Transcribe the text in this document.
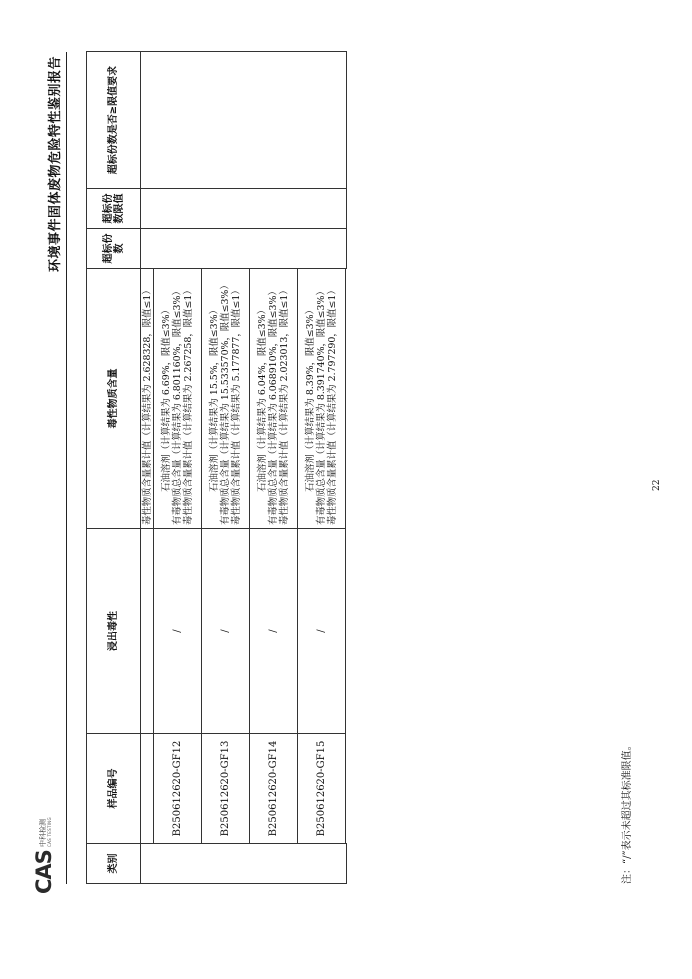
CAS
中科检测 CAS TESTING
环境事件固体废物危险特性鉴别报告
类别	样品编号	浸出毒性	毒性物质含量	超标份数	超标份数限值	超标份数是否≥限值要求

			毒性物质含量累计值（计算结果为 2.628328，限值≤1）			

	B250612620-GF12	/	石油溶剂（计算结果为 6.69%，限值≤3%） 有毒物质总含量（计算结果为 6.801160%，限值≤3%） 毒性物质含量累计值（计算结果为 2.267258，限值≤1）			

	B250612620-GF13	/	石油溶剂（计算结果为 15.5%，限值≤3%） 有毒物质总含量（计算结果为 15.533570%，限值≤3%） 毒性物质含量累计值（计算结果为 5.177877，限值≤1）			

	B250612620-GF14	/	石油溶剂（计算结果为 6.04%，限值≤3%） 有毒物质总含量（计算结果为 6.068910%，限值≤3%） 毒性物质含量累计值（计算结果为 2.023013，限值≤1）			

	B250612620-GF15	/	石油溶剂（计算结果为 8.39%，限值≤3%） 有毒物质总含量（计算结果为 8.391740%，限值≤3%） 毒性物质含量累计值（计算结果为 2.797290，限值≤1）			

注：“/”表示未超过其标准限值。
22
